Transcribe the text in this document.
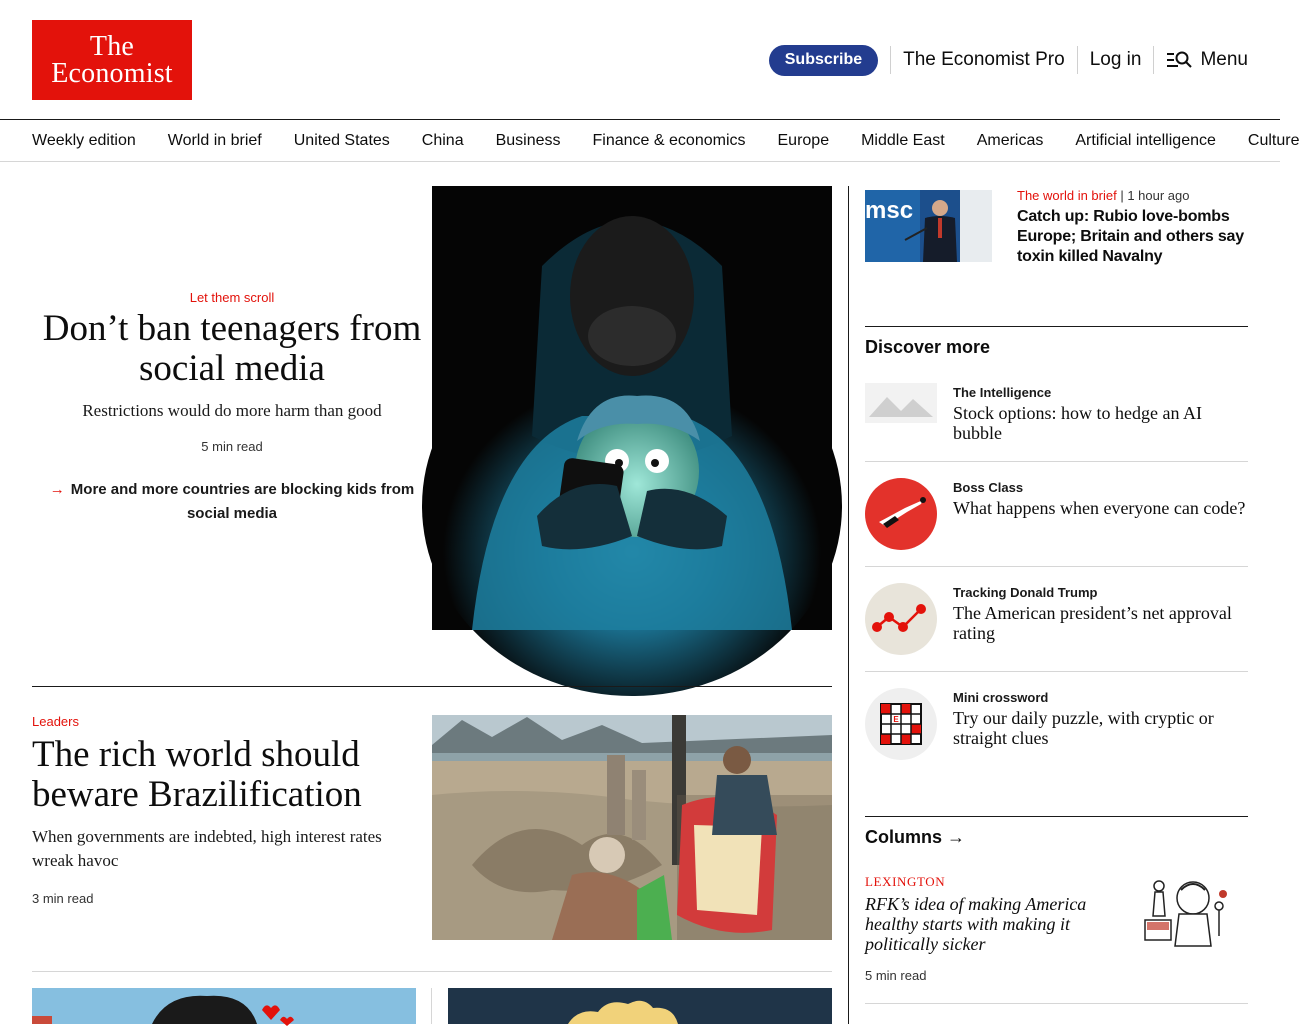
The
Economist	Subscribe	The Economist Pro Log in	Menu
Weekly edition World in brief United States China Business Finance & economics Europe Middle East Americas Artificial intelligence Culture
Let them scroll
Don’t ban teenagers from social media

Restrictions would do more harm than good

5 min read

→ More and more countries are blocking kids from social media

Leaders
The rich world should beware Brazilification

When governments are indebted, high interest rates wreak havoc

3 min read

msc
The world in brief | 1 hour ago
Catch up: Rubio love-bombs Europe; Britain and others say toxin killed Navalny
Discover more
The Intelligence
Stock options: how to hedge an AI bubble
Boss Class
What happens when everyone can code?
Tracking Donald Trump
The American president’s net approval rating
E
Mini crossword
Try our daily puzzle, with cryptic or straight clues
Columns →
LEXINGTON
RFK’s idea of making America healthy starts with making it politically sicker

5 min read
